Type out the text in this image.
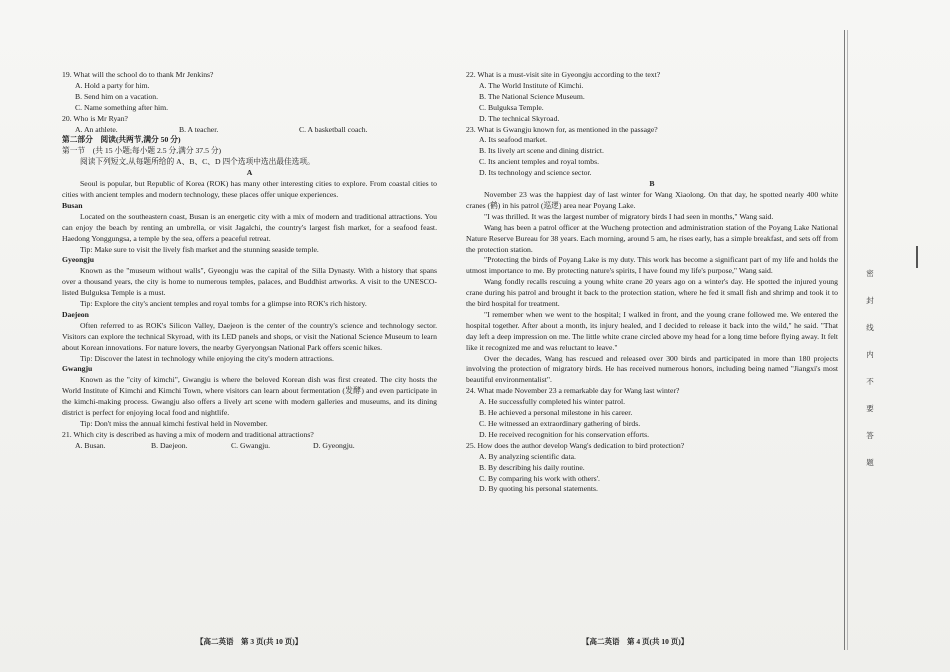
19. What will the school do to thank Mr Jenkins?

A. Hold a party for him.

B. Send him on a vacation.

C. Name something after him.

20. Who is Mr Ryan?

A. An athlete.	B. A teacher.	C. A basketball coach.

第二部分　阅读(共两节,满分 50 分)

第一节　(共 15 小题;每小题 2.5 分,满分 37.5 分)

阅读下列短文,从每题所给的 A、B、C、D 四个选项中选出最佳选项。

A

Seoul is popular, but Republic of Korea (ROK) has many other interesting cities to explore. From coastal cities to cities with ancient temples and modern technology, these places offer unique experiences.

Busan

Located on the southeastern coast, Busan is an energetic city with a mix of modern and traditional attractions. You can enjoy the beach by renting an umbrella, or visit Jagalchi, the country's largest fish market, for a seafood feast. Haedong Yonggungsa, a temple by the sea, offers a peaceful retreat.

Tip: Make sure to visit the lively fish market and the stunning seaside temple.

Gyeongju

Known as the "museum without walls", Gyeongju was the capital of the Silla Dynasty. With a history that spans over a thousand years, the city is home to numerous temples, palaces, and Buddhist artworks. A visit to the UNESCO-listed Bulguksa Temple is a must.

Tip: Explore the city's ancient temples and royal tombs for a glimpse into ROK's rich history.

Daejeon

Often referred to as ROK's Silicon Valley, Daejeon is the center of the country's science and technology sector. Visitors can explore the technical Skyroad, with its LED panels and shops, or visit the National Science Museum to learn about Korean innovations. For nature lovers, the nearby Gyeryongsan National Park offers scenic hikes.

Tip: Discover the latest in technology while enjoying the city's modern attractions.

Gwangju

Known as the "city of kimchi", Gwangju is where the beloved Korean dish was first created. The city hosts the World Institute of Kimchi and Kimchi Town, where visitors can learn about fermentation (发酵) and even participate in the kimchi-making process. Gwangju also offers a lively art scene with modern galleries and museums, and its dining district is perfect for enjoying local food and nightlife.

Tip: Don't miss the annual kimchi festival held in November.

21. Which city is described as having a mix of modern and traditional attractions?

A. Busan.	B. Daejeon.	C. Gwangju.	D. Gyeongju.

22. What is a must-visit site in Gyeongju according to the text?

A. The World Institute of Kimchi.

B. The National Science Museum.

C. Bulguksa Temple.

D. The technical Skyroad.

23. What is Gwangju known for, as mentioned in the passage?

A. Its seafood market.

B. Its lively art scene and dining district.

C. Its ancient temples and royal tombs.

D. Its technology and science sector.

B

November 23 was the happiest day of last winter for Wang Xiaolong. On that day, he spotted nearly 400 white cranes (鹤) in his patrol (巡逻) area near Poyang Lake.

"I was thrilled. It was the largest number of migratory birds I had seen in months," Wang said.

Wang has been a patrol officer at the Wucheng protection and administration station of the Poyang Lake National Nature Reserve Bureau for 38 years. Each morning, around 5 am, he rises early, has a simple breakfast, and sets off from the protection station.

"Protecting the birds of Poyang Lake is my duty. This work has become a significant part of my life and holds the utmost importance to me. By protecting nature's spirits, I have found my life's purpose," Wang said.

Wang fondly recalls rescuing a young white crane 20 years ago on a winter's day. He spotted the injured young crane during his patrol and brought it back to the protection station, where he fed it small fish and shrimp and took it to the bird hospital for treatment.

"I remember when we went to the hospital; I walked in front, and the young crane followed me. We entered the hospital together. After about a month, its injury healed, and I decided to release it back into the wild," he said. "That day left a deep impression on me. The little white crane circled above my head for a long time before flying away. It felt like it recognized me and was reluctant to leave."

Over the decades, Wang has rescued and released over 300 birds and participated in more than 180 projects involving the protection of migratory birds. He has received numerous honors, including being named "Jiangxi's most beautiful environmentalist".

24. What made November 23 a remarkable day for Wang last winter?

A. He successfully completed his winter patrol.

B. He achieved a personal milestone in his career.

C. He witnessed an extraordinary gathering of birds.

D. He received recognition for his conservation efforts.

25. How does the author develop Wang's dedication to bird protection?

A. By analyzing scientific data.

B. By describing his daily routine.

C. By comparing his work with others'.

D. By quoting his personal statements.

【高二英语　第 3 页(共 10 页)】	【高二英语　第 4 页(共 10 页)】
密
封
线
内
不
要
答
题
